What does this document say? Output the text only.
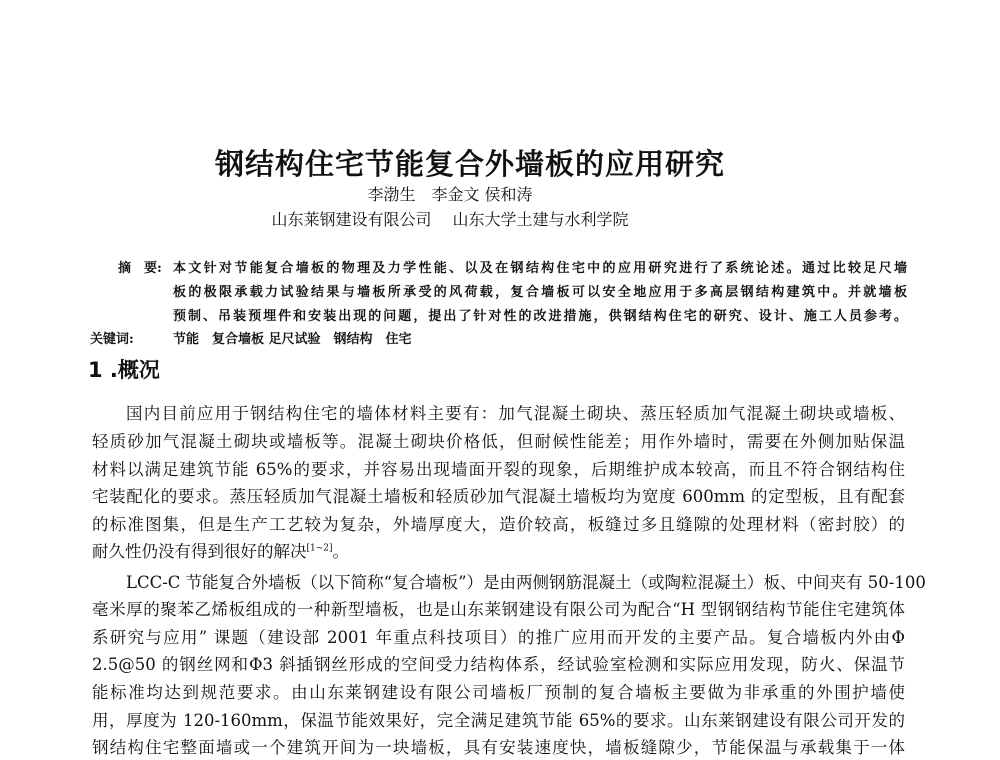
钢结构住宅节能复合外墙板的应用研究
李渤生　李金文 侯和涛
山东莱钢建设有限公司　 山东大学土建与水利学院
摘　要: 本文针对节能复合墙板的物理及力学性能、以及在钢结构住宅中的应用研究进行了系统论述。通过比较足尺墙
板的极限承载力试验结果与墙板所承受的风荷载，复合墙板可以安全地应用于多高层钢结构建筑中。并就墙板
预制、吊装预埋件和安装出现的问题，提出了针对性的改进措施，供钢结构住宅的研究、设计、施工人员参考。
关键词:	节能　复合墙板 足尺试验　钢结构　住宅
1 .概况
国内目前应用于钢结构住宅的墙体材料主要有：加气混凝土砌块、蒸压轻质加气混凝土砌块或墙板、
轻质砂加气混凝土砌块或墙板等。混凝土砌块价格低，但耐候性能差；用作外墙时，需要在外侧加贴保温
材料以满足建筑节能 65%的要求，并容易出现墙面开裂的现象，后期维护成本较高，而且不符合钢结构住
宅装配化的要求。蒸压轻质加气混凝土墙板和轻质砂加气混凝土墙板均为宽度 600mm 的定型板，且有配套
的标准图集，但是生产工艺较为复杂，外墙厚度大，造价较高，板缝过多且缝隙的处理材料（密封胶）的
耐久性仍没有得到很好的解决[1~2]。
LCC-C 节能复合外墙板（以下简称“复合墙板”）是由两侧钢筋混凝土（或陶粒混凝土）板、中间夹有 50-100
毫米厚的聚苯乙烯板组成的一种新型墙板，也是山东莱钢建设有限公司为配合“H 型钢钢结构节能住宅建筑体
系研究与应用” 课题（建设部 2001 年重点科技项目）的推广应用而开发的主要产品。复合墙板内外由Φ
2.5@50 的钢丝网和Φ3 斜插钢丝形成的空间受力结构体系，经试验室检测和实际应用发现，防火、保温节
能标准均达到规范要求。由山东莱钢建设有限公司墙板厂预制的复合墙板主要做为非承重的外围护墙使
用，厚度为 120-160mm，保温节能效果好，完全满足建筑节能 65%的要求。山东莱钢建设有限公司开发的
钢结构住宅整面墙或一个建筑开间为一块墙板，具有安装速度快，墙板缝隙少，节能保温与承载集于一体
